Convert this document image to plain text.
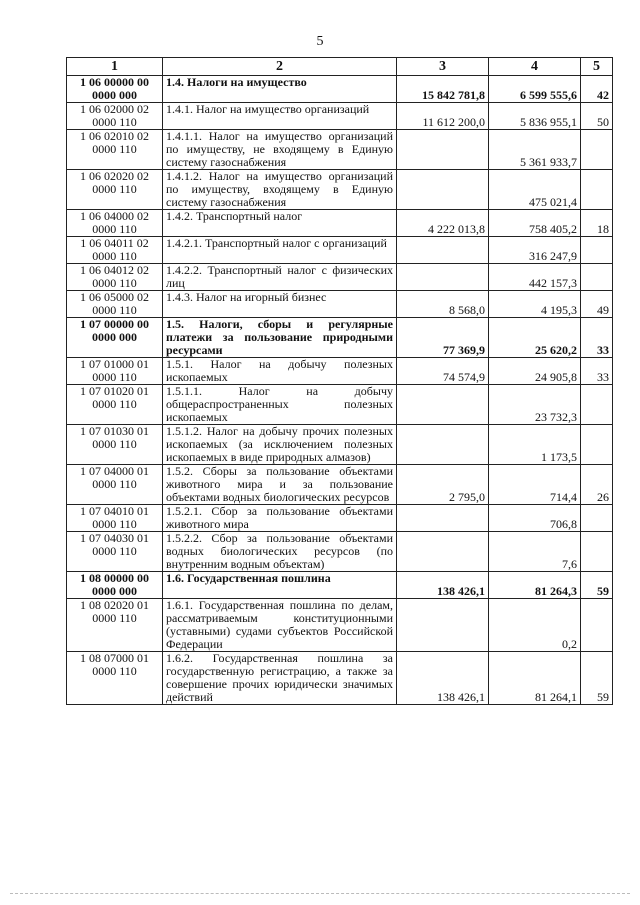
5
1	2	3	4	5
1 06 00000 00 0000 000	1.4. Налоги на имущество	15 842 781,8	6 599 555,6	42
1 06 02000 02 0000 110	1.4.1. Налог на имущество организаций	11 612 200,0	5 836 955,1	50
1 06 02010 02 0000 110	1.4.1.1. Налог на имущество организаций по имуществу, не входящему в Единую систему газоснабжения		5 361 933,7	
1 06 02020 02 0000 110	1.4.1.2. Налог на имущество организаций по имуществу, входящему в Единую систему газоснабжения		475 021,4	
1 06 04000 02 0000 110	1.4.2. Транспортный налог	4 222 013,8	758 405,2	18
1 06 04011 02 0000 110	1.4.2.1. Транспортный налог с организаций		316 247,9	
1 06 04012 02 0000 110	1.4.2.2. Транспортный налог с физических лиц		442 157,3	
1 06 05000 02 0000 110	1.4.3. Налог на игорный бизнес	8 568,0	4 195,3	49
1 07 00000 00 0000 000	1.5. Налоги, сборы и регулярные платежи за пользование природными ресурсами	77 369,9	25 620,2	33
1 07 01000 01 0000 110	1.5.1. Налог на добычу полезных ископаемых	74 574,9	24 905,8	33
1 07 01020 01 0000 110	1.5.1.1. Налог на добычу общераспространенных полезных ископаемых		23 732,3	
1 07 01030 01 0000 110	1.5.1.2. Налог на добычу прочих полезных ископаемых (за исключением полезных ископаемых в виде природных алмазов)		1 173,5	
1 07 04000 01 0000 110	1.5.2. Сборы за пользование объектами животного мира и за пользование объектами водных биологических ресурсов	2 795,0	714,4	26
1 07 04010 01 0000 110	1.5.2.1. Сбор за пользование объектами животного мира		706,8	
1 07 04030 01 0000 110	1.5.2.2. Сбор за пользование объектами водных биологических ресурсов (по внутренним водным объектам)		7,6	
1 08 00000 00 0000 000	1.6. Государственная пошлина	138 426,1	81 264,3	59
1 08 02020 01 0000 110	1.6.1. Государственная пошлина по делам, рассматриваемым конституционными (уставными) судами субъектов Российской Федерации		0,2	
1 08 07000 01 0000 110	1.6.2. Государственная пошлина за государственную регистрацию, а также за совершение прочих юридически значимых действий	138 426,1	81 264,1	59
